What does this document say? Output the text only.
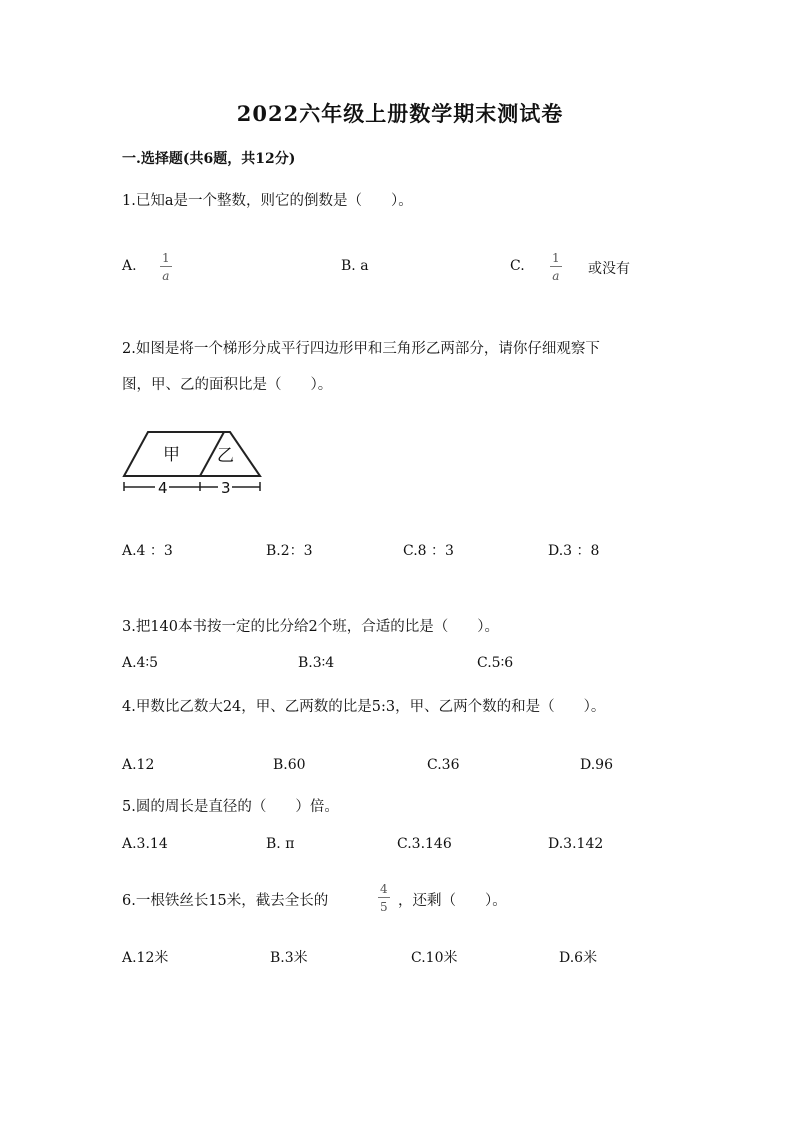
2022六年级上册数学期末测试卷
一.选择题(共6题，共12分)
1.已知a是一个整数，则它的倒数是（　　）。
A. 1
a
B. a	C. 1
a 或没有
2.如图是将一个梯形分成平行四边形甲和三角形乙两部分，请你仔细观察下
图，甲、乙的面积比是（　　）。
甲 乙
4	3
A.4 ：3	B.2：3	C.8 ：3	D.3 ：8
3.把140本书按一定的比分给2个班，合适的比是（　　）。
A.4∶5	B.3∶4	C.5∶6
4.甲数比乙数大24，甲、乙两数的比是5:3，甲、乙两个数的和是（　　）。
A.12	B.60	C.36	D.96
5.圆的周长是直径的（　　）倍。
A.3.14	B. π	C.3.146	D.3.142
6.一根铁丝长15米，截去全长的
4
5 ，还剩（　　）。
A.12米	B.3米	C.10米	D.6米
